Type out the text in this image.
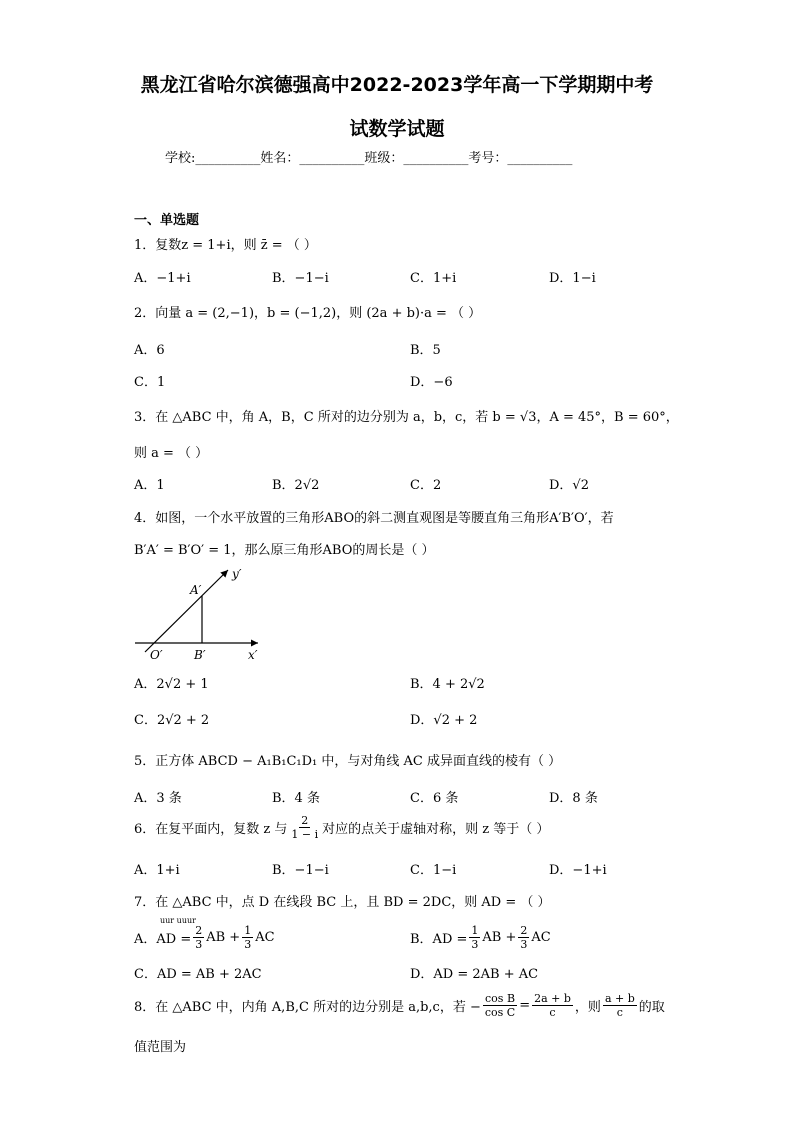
黑龙江省哈尔滨德强高中2022-2023学年高一下学期期中考
试数学试题
学校:__________姓名：__________班级：__________考号：__________
一、单选题
1．复数z = 1+i，则 z̄ = （ ）
A．−1+i	B．−1−i	C．1+i	D．1−i
2．向量 a = (2,−1)，b = (−1,2)，则 (2a + b)·a = （ ）
A．6	B．5
C．1	D．−6
3．在 △ABC 中，角 A，B，C 所对的边分别为 a，b，c，若 b = √3，A = 45°，B = 60°，
则 a = （ ）
A．1	B．2√2	C．2	D．√2
4．如图，一个水平放置的三角形ABO的斜二测直观图是等腰直角三角形A′B′O′，若
B′A′ = B′O′ = 1，那么原三角形ABO的周长是（ ）
y′
A′
O′	B′	x′
A．2√2 + 1	B．4 + 2√2
C．2√2 + 2	D．√2 + 2
5．正方体 ABCD − A₁B₁C₁D₁ 中，与对角线 AC 成异面直线的棱有（ ）
A．3 条	B．4 条	C．6 条	D．8 条
6．在复平面内，复数 z 与 $\frac{2}{1 - i}$ 对应的点关于虚轴对称，则 z 等于（ ）
A．1+i	B．−1−i	C．1−i	D．−1+i
7．在 △ABC 中，点 D 在线段 BC 上，且 BD = 2DC，则 AD = （ ）
uur uuur
A．AD = $\frac{2}{3}$ AB + $\frac{1}{3}$ AC	B．AD = $\frac{1}{3}$ AB + $\frac{2}{3}$ AC
C．AD = AB + 2AC	D．AD = 2AB + AC
8．在 △ABC 中，内角 A,B,C 所对的边分别是 a,b,c，若 − $\frac{\text{cos B}}{\text{cos C}} = \frac{2a + b}{c}$ ，则 $\frac{a + b}{c}$ 的取
值范围为
